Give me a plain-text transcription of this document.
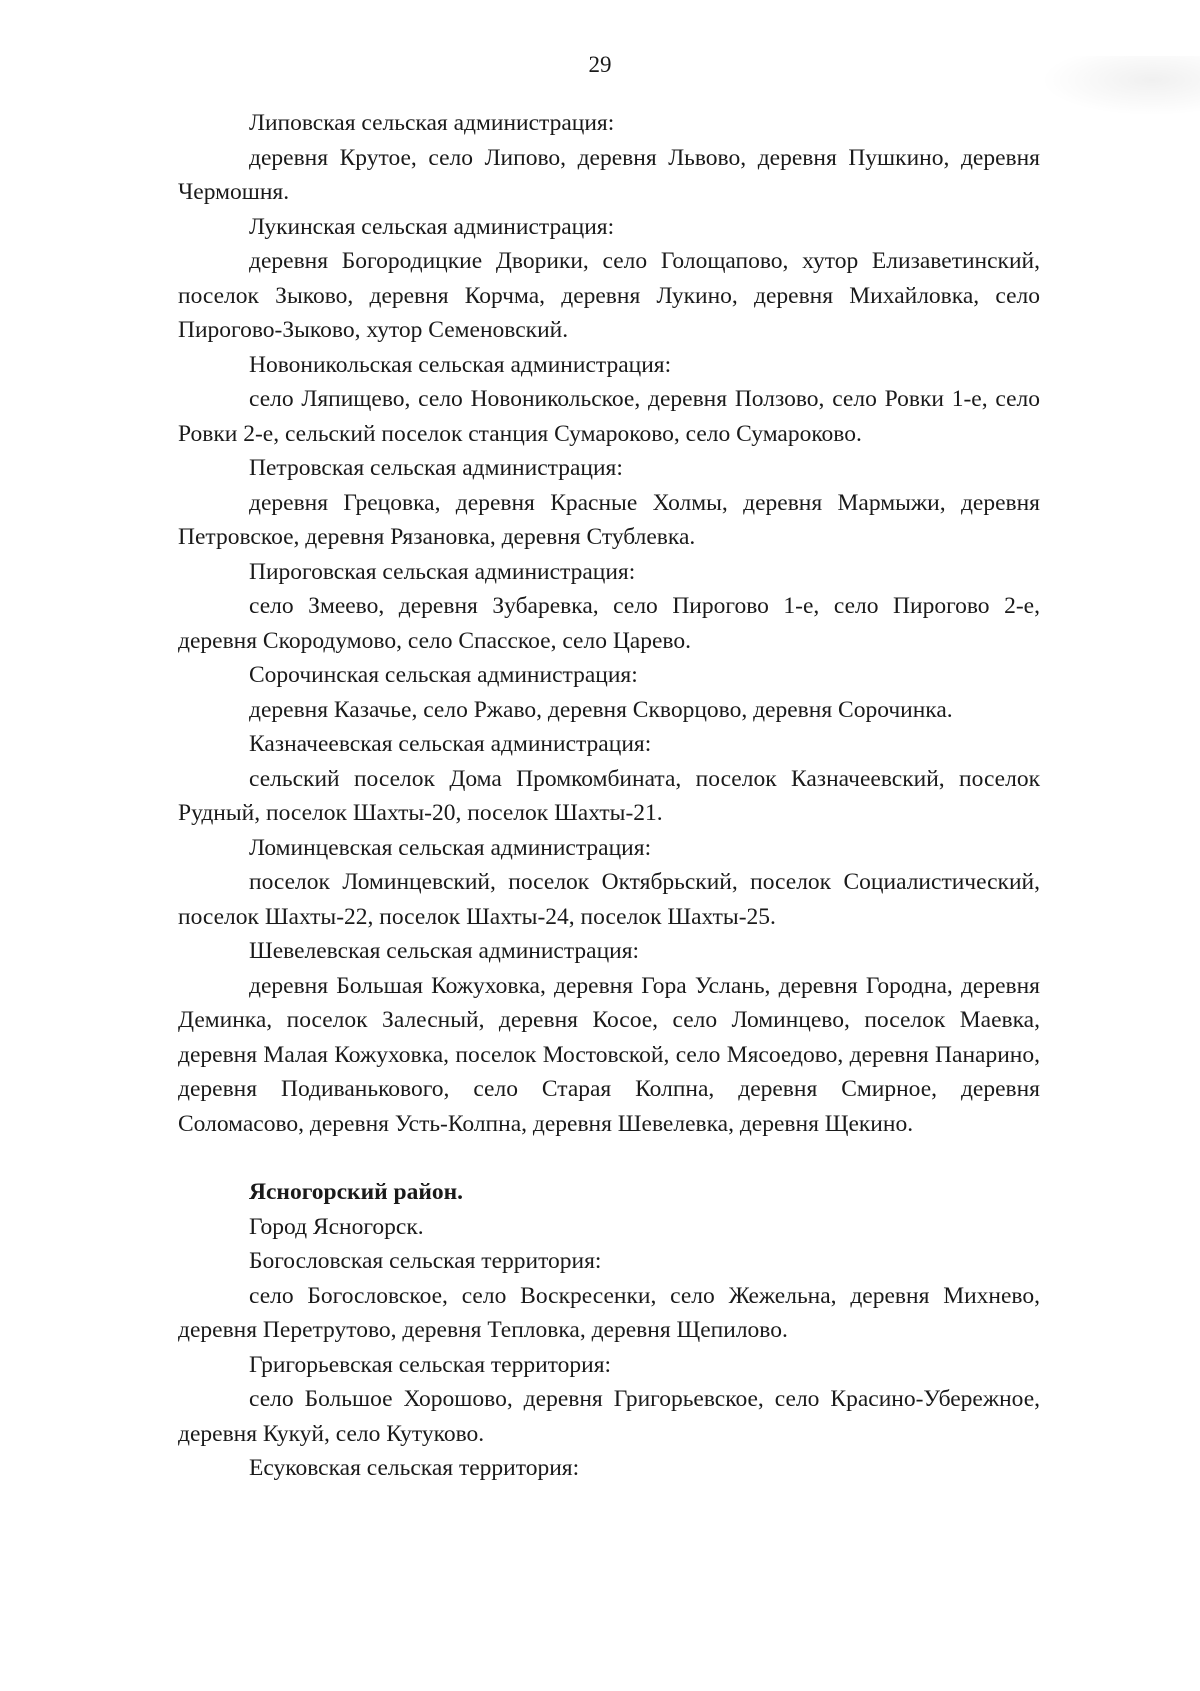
29

Липовская сельская администрация:

деревня Крутое, село Липово, деревня Львово, деревня Пушкино, деревня Чермошня.

Лукинская сельская администрация:

деревня Богородицкие Дворики, село Голощапово, хутор Елизаветинский, поселок Зыково, деревня Корчма, деревня Лукино, деревня Михайловка, село Пирогово-Зыково, хутор Семеновский.

Новоникольская сельская администрация:

село Ляпищево, село Новоникольское, деревня Ползово, село Ровки 1-е, село Ровки 2-е, сельский поселок станция Сумароково, село Сумароково.

Петровская сельская администрация:

деревня Грецовка, деревня Красные Холмы, деревня Мармыжи, деревня Петровское, деревня Рязановка, деревня Стублевка.

Пироговская сельская администрация:

село Змеево, деревня Зубаревка, село Пирогово 1-е, село Пирогово 2-е, деревня Скородумово, село Спасское, село Царево.

Сорочинская сельская администрация:

деревня Казачье, село Ржаво, деревня Скворцово, деревня Сорочинка.

Казначеевская сельская администрация:

сельский поселок Дома Промкомбината, поселок Казначеевский, поселок Рудный, поселок Шахты-20, поселок Шахты-21.

Ломинцевская сельская администрация:

поселок Ломинцевский, поселок Октябрьский, поселок Социалистический, поселок Шахты-22, поселок Шахты-24, поселок Шахты-25.

Шевелевская сельская администрация:

деревня Большая Кожуховка, деревня Гора Услань, деревня Городна, деревня Деминка, поселок Залесный, деревня Косое, село Ломинцево, поселок Маевка, деревня Малая Кожуховка, поселок Мостовской, село Мясоедово, деревня Панарино, деревня Подиванькового, село Старая Колпна, деревня Смирное, деревня Соломасово, деревня Усть-Колпна, деревня Шевелевка, деревня Щекино.

Ясногорский район.

Город Ясногорск.

Богословская сельская территория:

село Богословское, село Воскресенки, село Жежельна, деревня Михнево, деревня Перетрутово, деревня Тепловка, деревня Щепилово.

Григорьевская сельская территория:

село Большое Хорошово, деревня Григорьевское, село Красино-Убережное, деревня Кукуй, село Кутуково.

Есуковская сельская территория:
